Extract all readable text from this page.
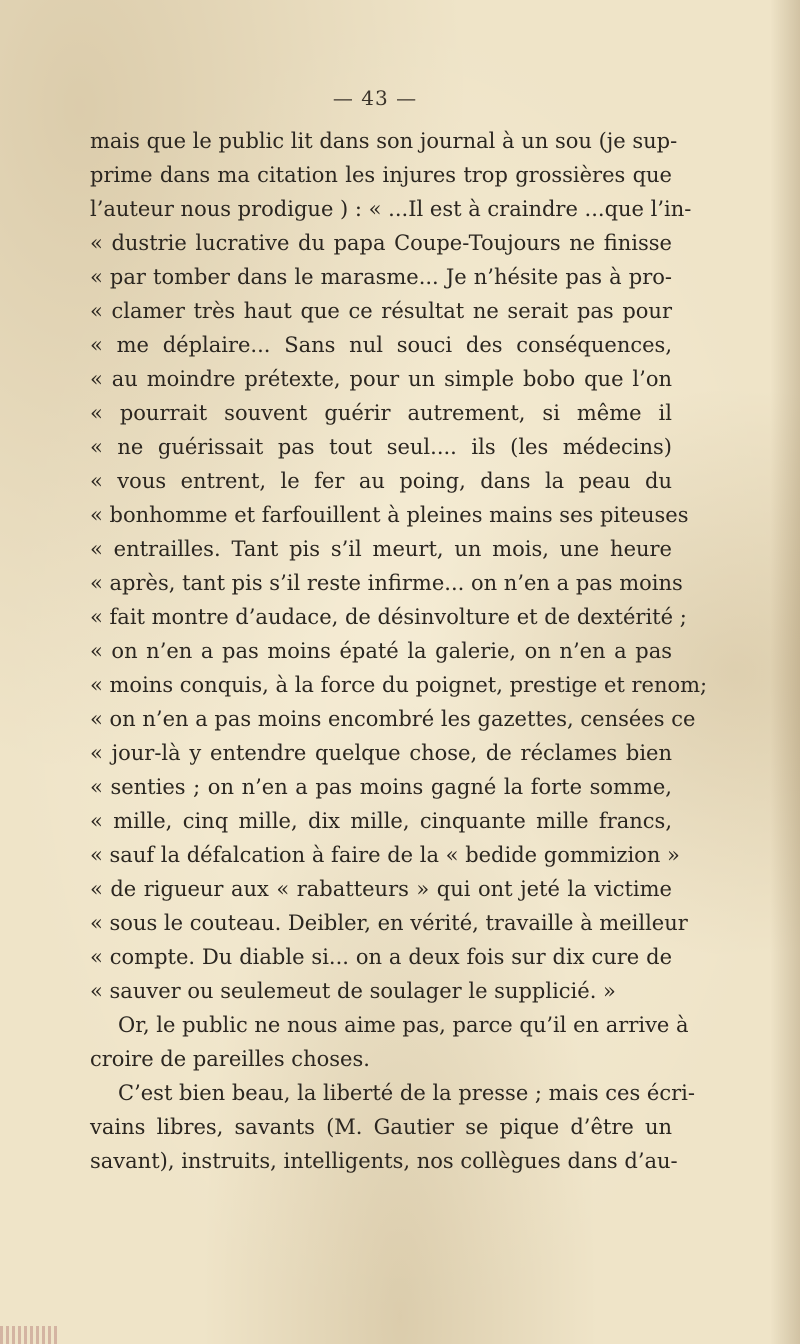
— 43 —
mais que le public lit dans son journal à un sou (je sup-
prime dans ma citation les injures trop grossières que
l’auteur nous prodigue ) : « ...Il est à craindre ...que l’in-
« dustrie lucrative du papa Coupe-Toujours ne finisse
« par tomber dans le marasme... Je n’hésite pas à pro-
« clamer très haut que ce résultat ne serait pas pour
« me déplaire... Sans nul souci des conséquences,
« au moindre prétexte, pour un simple bobo que l’on
« pourrait souvent guérir autrement, si même il
« ne guérissait pas tout seul.... ils (les médecins)
« vous entrent, le fer au poing, dans la peau du
« bonhomme et farfouillent à pleines mains ses piteuses
« entrailles. Tant pis s’il meurt, un mois, une heure
« après, tant pis s’il reste infirme... on n’en a pas moins
« fait montre d’audace, de désinvolture et de dextérité ;
« on n’en a pas moins épaté la galerie, on n’en a pas
« moins conquis, à la force du poignet, prestige et renom;
« on n’en a pas moins encombré les gazettes, censées ce
« jour-là y entendre quelque chose, de réclames bien
« senties ; on n’en a pas moins gagné la forte somme,
« mille, cinq mille, dix mille, cinquante mille francs,
« sauf la défalcation à faire de la « bedide gommizion »
« de rigueur aux « rabatteurs » qui ont jeté la victime
« sous le couteau. Deibler, en vérité, travaille à meilleur
« compte. Du diable si... on a deux fois sur dix cure de
« sauver ou seulemeut de soulager le supplicié. »
Or, le public ne nous aime pas, parce qu’il en arrive à
croire de pareilles choses.
C’est bien beau, la liberté de la presse ; mais ces écri-
vains libres, savants (M. Gautier se pique d’être un
savant), instruits, intelligents, nos collègues dans d’au-
